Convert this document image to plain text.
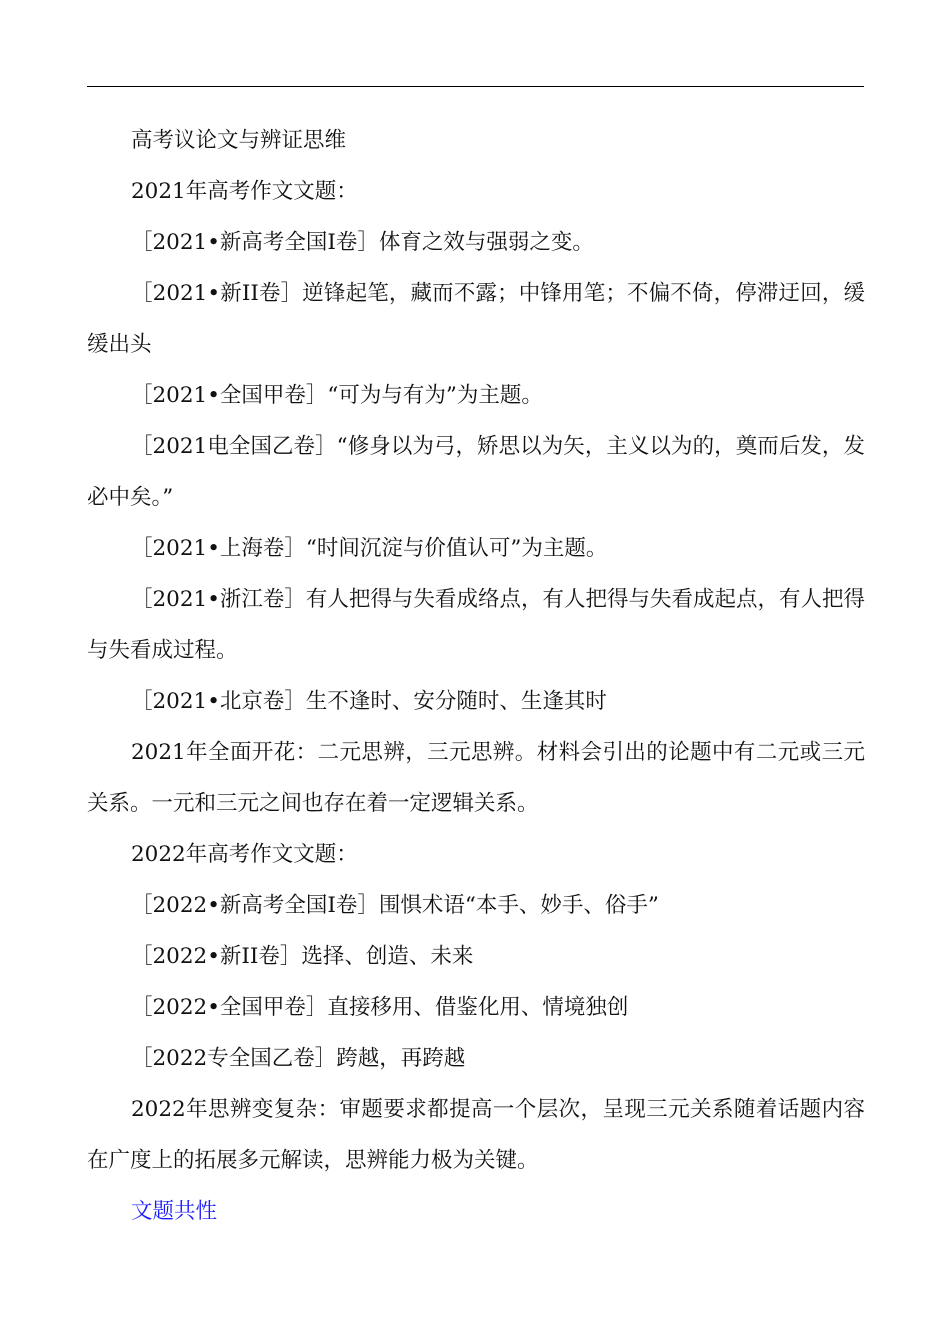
高考议论文与辨证思维

2021年高考作文文题：

［2021•新高考全国I卷］体育之效与强弱之变。

［2021•新II卷］逆锋起笔，藏而不露；中锋用笔；不偏不倚，停滞迂回，缓缓出头

［2021•全国甲卷］“可为与有为”为主题。

［2021电全国乙卷］“修身以为弓，矫思以为矢，主义以为的，奠而后发，发必中矣。”

［2021•上海卷］“时间沉淀与价值认可”为主题。

［2021•浙江卷］有人把得与失看成络点，有人把得与失看成起点，有人把得与失看成过程。

［2021•北京卷］生不逢时、安分随时、生逢其时

2021年全面开花：二元思辨，三元思辨。材料会引出的论题中有二元或三元关系。一元和三元之间也存在着一定逻辑关系。

2022年高考作文文题：

［2022•新高考全国I卷］围惧术语“本手、妙手、俗手”

［2022•新II卷］选择、创造、未来

［2022•全国甲卷］直接移用、借鉴化用、情境独创

［2022专全国乙卷］跨越，再跨越

2022年思辨变复杂：审题要求都提高一个层次，呈现三元关系随着话题内容在广度上的拓展多元解读，思辨能力极为关键。

文题共性
